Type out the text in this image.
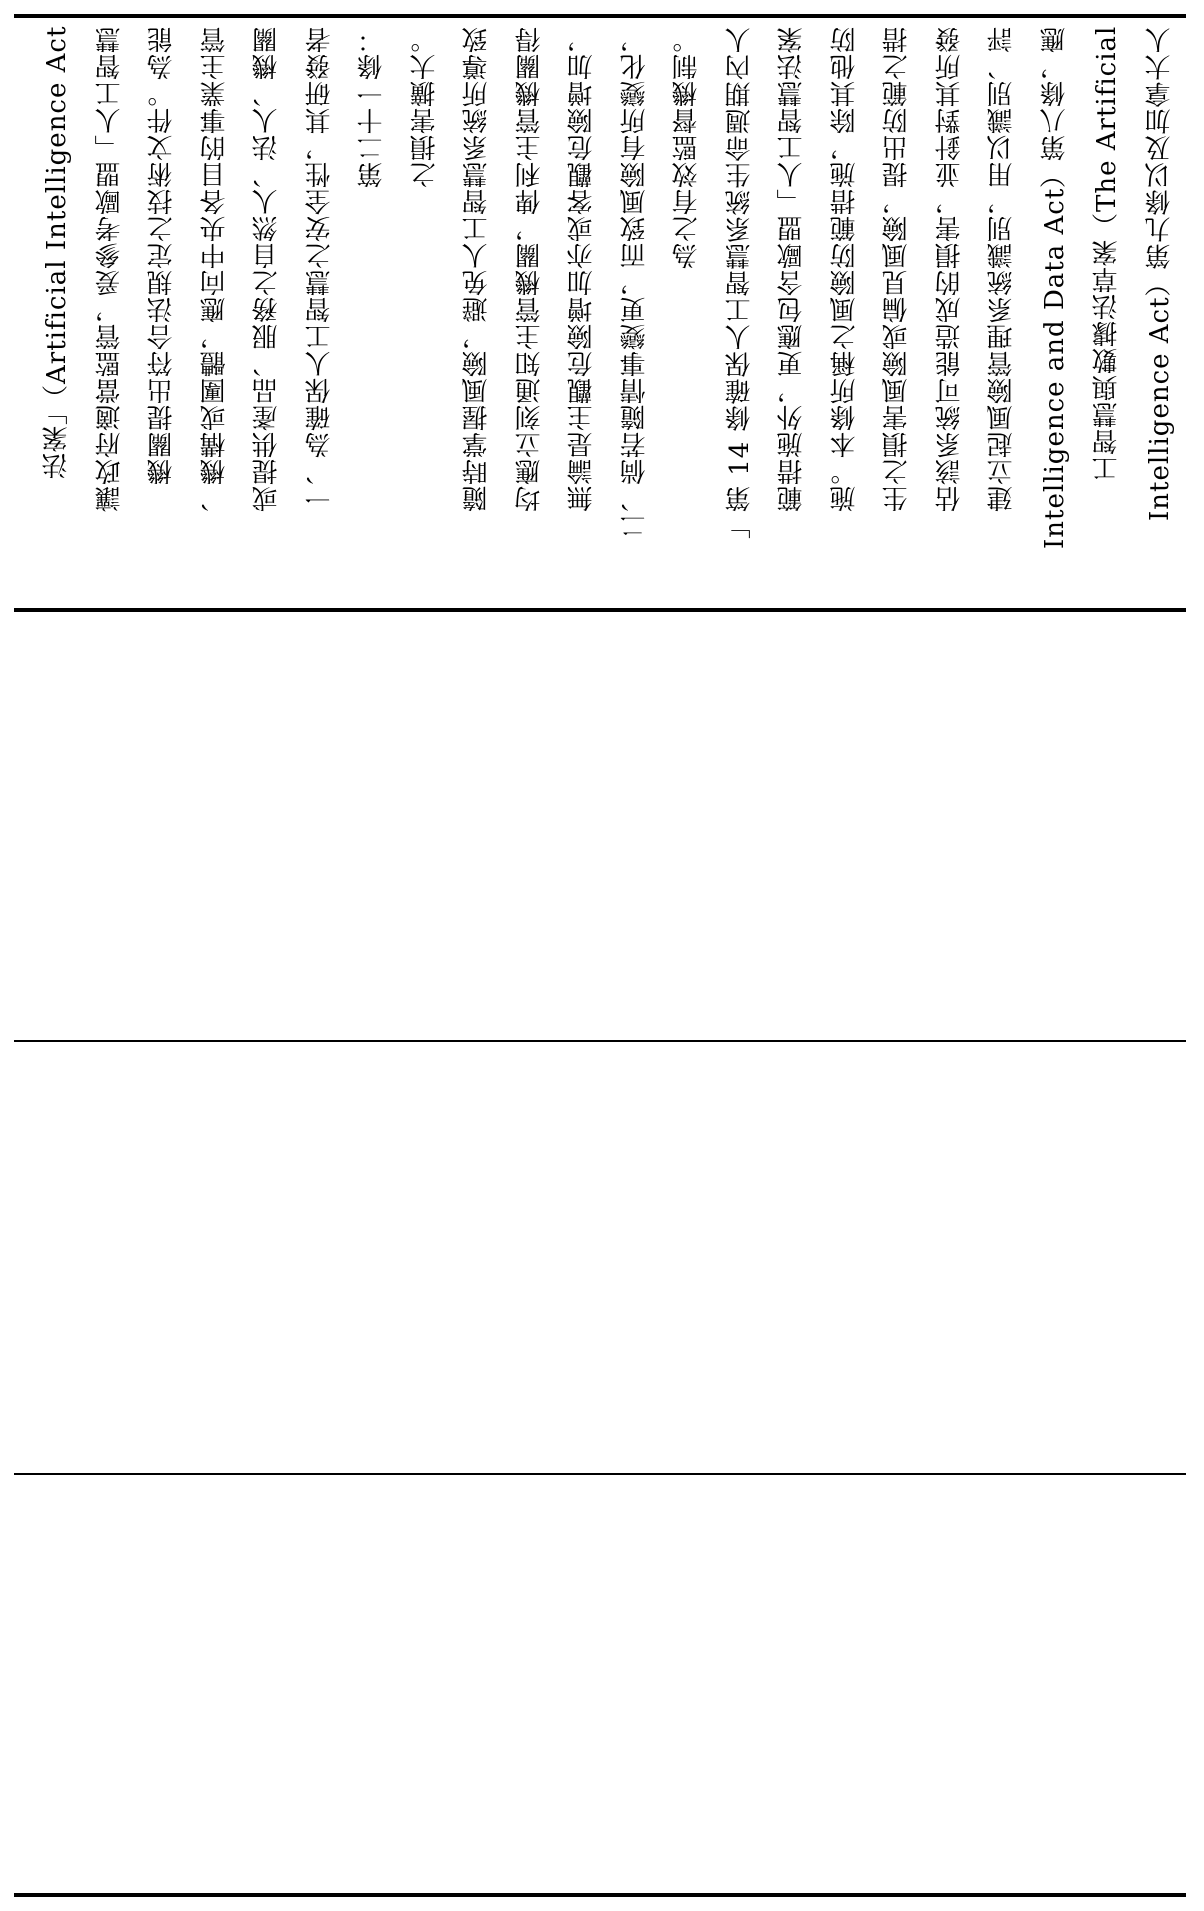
Intelligence Act）第九條以及加拿大人工智慧與數據法草案（The ArtificialIntelligence and Data Act）第八條，應建立起風險管理系統識別，用以識別、評估該系統可能造成的損害，並針對其所發生之損害風險或偏見風險，提出防範之措施。本條所稱之風險防範措施，除其他防範措施外，更應包含歐盟「人工智慧法案」第 14 條確保人工智慧系統生命週期內人為之有效監督機制。二、倘若隨情事變更，而致風險有所變化，無論是主觀危險增加亦或客觀危險增加，均應立刻通知主管機關，俾利主管機關得隨時掌握風險，避免人工智慧系統所導致之損害擴大。第二十一條：一、為確保人工智慧之安全性，其研發者或提供產品、服務之自然人、法人、機關、機構或團體，應向中央各目的事業主管機關提出符合法規定之技術文件。為能讓政府適當監管，爰參考歐盟「人工智慧法案」（Artificial Intelligence Act
